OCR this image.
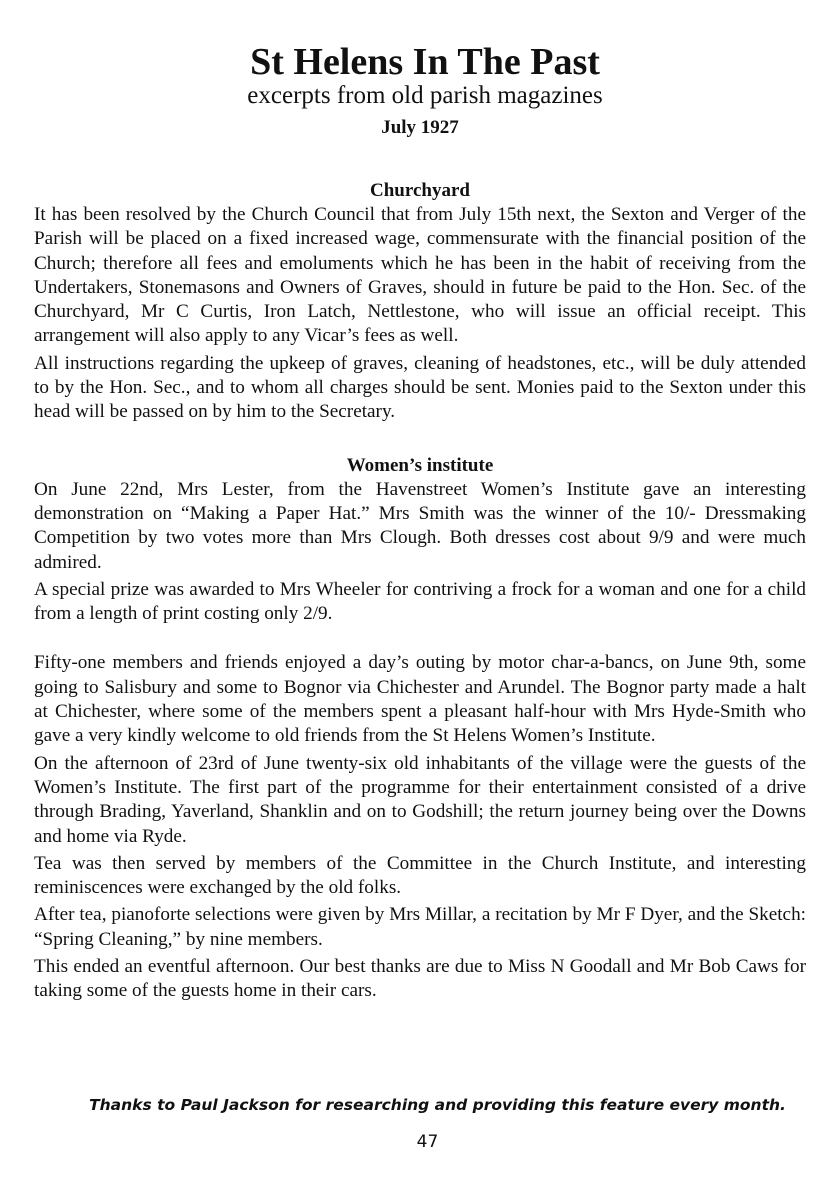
St Helens In The Past
excerpts from old parish magazines
July 1927
Churchyard

It has been resolved by the Church Council that from July 15th next, the Sexton and Verger of the Parish will be placed on a fixed increased wage, commensurate with the financial position of the Church; therefore all fees and emoluments which he has been in the habit of receiving from the Undertakers, Stonemasons and Owners of Graves, should in future be paid to the Hon. Sec. of the Churchyard, Mr C Curtis, Iron Latch, Nettlestone, who will issue an official receipt. This arrangement will also apply to any Vicar’s fees as well.

All instructions regarding the upkeep of graves, cleaning of headstones, etc., will be duly attended to by the Hon. Sec., and to whom all charges should be sent. Monies paid to the Sexton under this head will be passed on by him to the Secretary.

Women’s institute

On June 22nd, Mrs Lester, from the Havenstreet Women’s Institute gave an interesting demonstration on “Making a Paper Hat.” Mrs Smith was the winner of the 10/- Dressmaking Competition by two votes more than Mrs Clough. Both dresses cost about 9/9 and were much admired.

A special prize was awarded to Mrs Wheeler for contriving a frock for a woman and one for a child from a length of print costing only 2/9.

Fifty-one members and friends enjoyed a day’s outing by motor char-a-bancs, on June 9th, some going to Salisbury and some to Bognor via Chichester and Arundel. The Bognor party made a halt at Chichester, where some of the members spent a pleasant half-hour with Mrs Hyde-Smith who gave a very kindly welcome to old friends from the St Helens Women’s Institute.

On the afternoon of 23rd of June twenty-six old inhabitants of the village were the guests of the Women’s Institute. The first part of the programme for their entertainment consisted of a drive through Brading, Yaverland, Shanklin and on to Godshill; the return journey being over the Downs and home via Ryde.

Tea was then served by members of the Committee in the Church Institute, and interesting reminiscences were exchanged by the old folks.

After tea, pianoforte selections were given by Mrs Millar, a recitation by Mr F Dyer, and the Sketch: “Spring Cleaning,” by nine members.

This ended an eventful afternoon. Our best thanks are due to Miss N Goodall and Mr Bob Caws for taking some of the guests home in their cars.

Thanks to Paul Jackson for researching and providing this feature every month.
47
